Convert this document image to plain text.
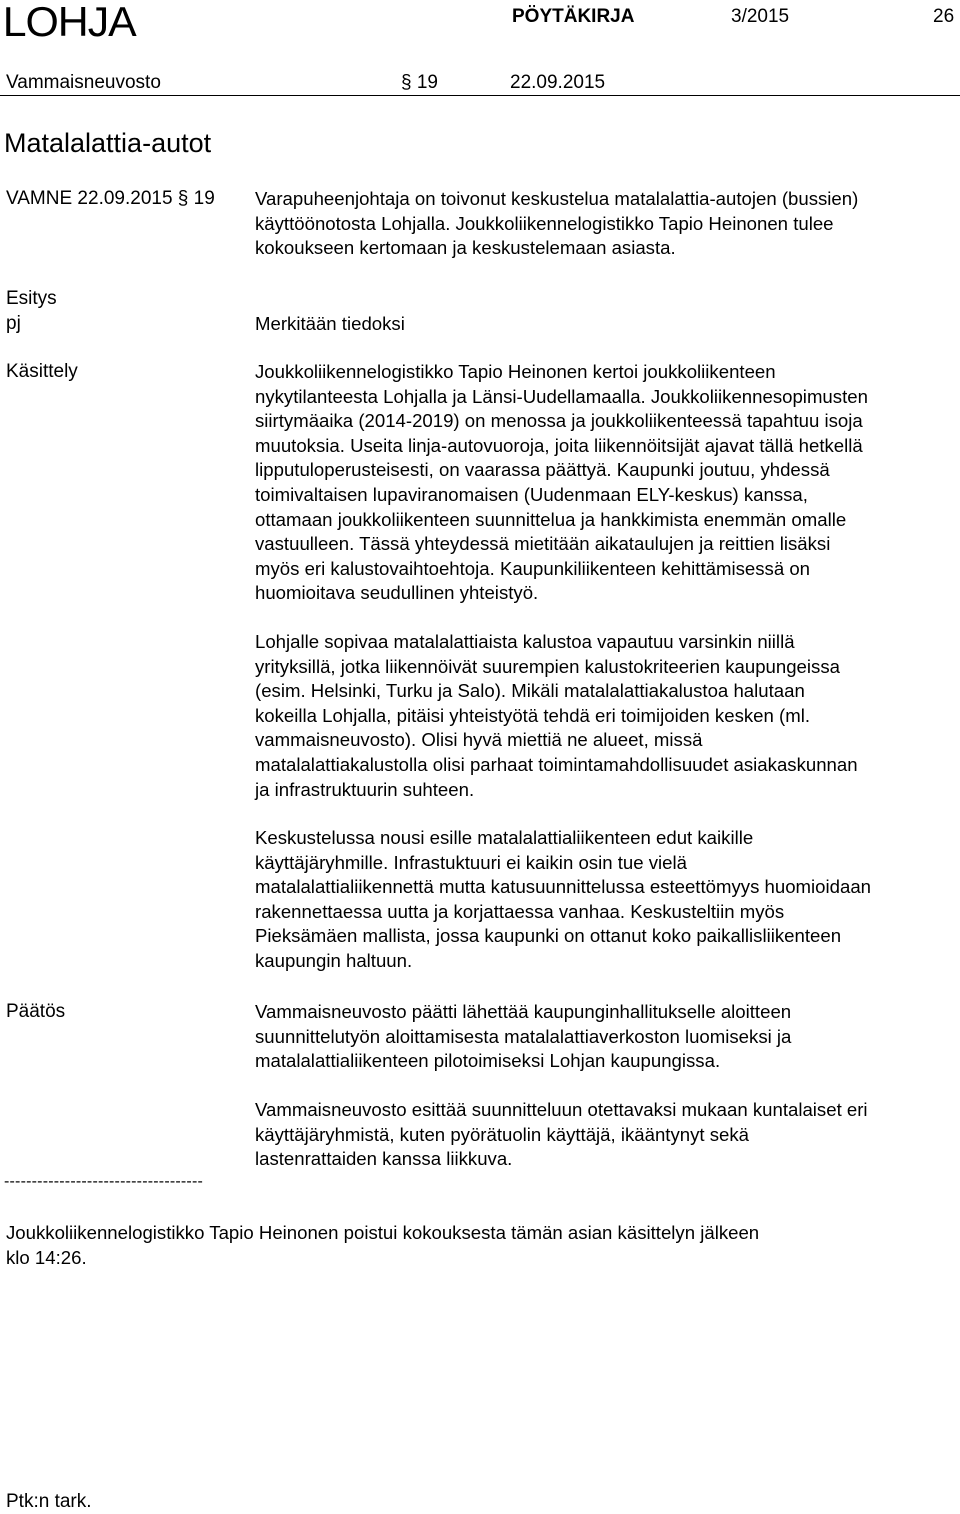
LOHJA	PÖYTÄKIRJA	3/2015	26
Vammaisneuvosto	§ 19	22.09.2015
Matalalattia-autot
VAMNE 22.09.2015 § 19 Varapuheenjohtaja on toivonut keskustelua matalalattia-autojen (bussien)
käyttöönotosta Lohjalla. Joukkoliikennelogistikko Tapio Heinonen tulee
kokoukseen kertomaan ja keskustelemaan asiasta.
Esitys
pj	Merkitään tiedoksi
Käsittely	Joukkoliikennelogistikko Tapio Heinonen kertoi joukkoliikenteen
nykytilanteesta Lohjalla ja Länsi-Uudellamaalla. Joukkoliikennesopimusten
siirtymäaika (2014-2019) on menossa ja joukkoliikenteessä tapahtuu isoja
muutoksia. Useita linja-autovuoroja, joita liikennöitsijät ajavat tällä hetkellä
lipputuloperusteisesti, on vaarassa päättyä. Kaupunki joutuu, yhdessä
toimivaltaisen lupaviranomaisen (Uudenmaan ELY-keskus) kanssa,
ottamaan joukkoliikenteen suunnittelua ja hankkimista enemmän omalle
vastuulleen. Tässä yhteydessä mietitään aikataulujen ja reittien lisäksi
myös eri kalustovaihtoehtoja. Kaupunkiliikenteen kehittämisessä on
huomioitava seudullinen yhteistyö.
Lohjalle sopivaa matalalattiaista kalustoa vapautuu varsinkin niillä
yrityksillä, jotka liikennöivät suurempien kalustokriteerien kaupungeissa
(esim. Helsinki, Turku ja Salo). Mikäli matalalattiakalustoa halutaan
kokeilla Lohjalla, pitäisi yhteistyötä tehdä eri toimijoiden kesken (ml.
vammaisneuvosto). Olisi hyvä miettiä ne alueet, missä
matalalattiakalustolla olisi parhaat toimintamahdollisuudet asiakaskunnan
ja infrastruktuurin suhteen.
Keskustelussa nousi esille matalalattialiikenteen edut kaikille
käyttäjäryhmille. Infrastuktuuri ei kaikin osin tue vielä
matalalattialiikennettä mutta katusuunnittelussa esteettömyys huomioidaan
rakennettaessa uutta ja korjattaessa vanhaa. Keskusteltiin myös
Pieksämäen mallista, jossa kaupunki on ottanut koko paikallisliikenteen
kaupungin haltuun.
Päätös	Vammaisneuvosto päätti lähettää kaupunginhallitukselle aloitteen
suunnittelutyön aloittamisesta matalalattiaverkoston luomiseksi ja
matalalattialiikenteen pilotoimiseksi Lohjan kaupungissa.
Vammaisneuvosto esittää suunnitteluun otettavaksi mukaan kuntalaiset eri
käyttäjäryhmistä, kuten pyörätuolin käyttäjä, ikääntynyt sekä
lastenrattaiden kanssa liikkuva.
------------------------------------
Joukkoliikennelogistikko Tapio Heinonen poistui kokouksesta tämän asian käsittelyn jälkeen
klo 14:26.
Ptk:n tark.
